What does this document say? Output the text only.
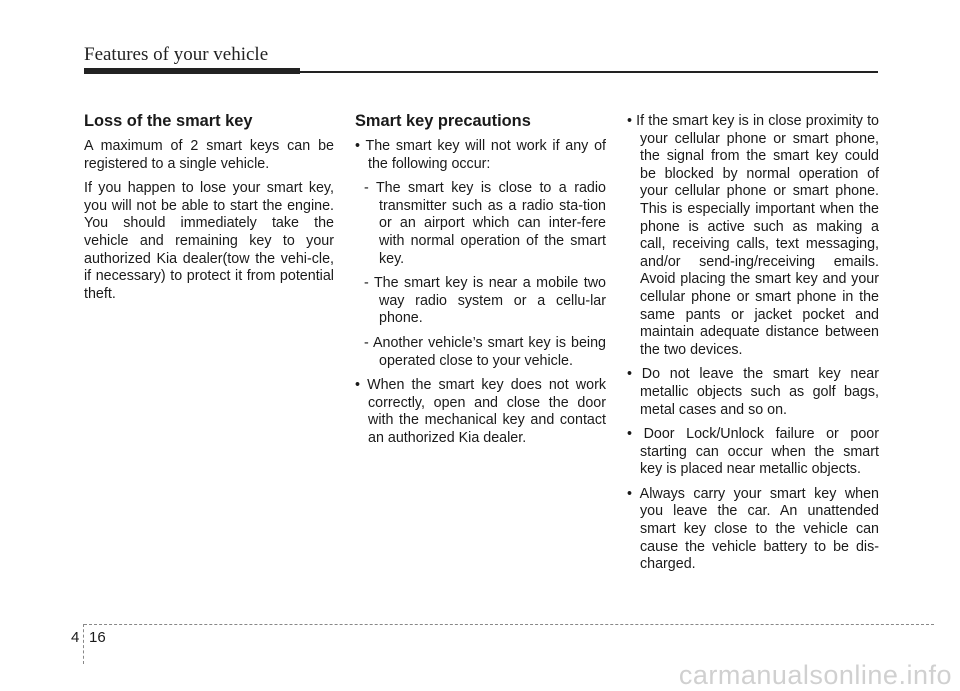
Features of your vehicle
Loss of the smart key

A maximum of 2 smart keys can be registered to a single vehicle.

If you happen to lose your smart key, you will not be able to start the engine. You should immediately take the vehicle and remaining key to your authorized Kia dealer(tow the vehi-cle, if necessary) to protect it from potential theft.

Smart key precautions
• The smart key will not work if any of the following occur:
- The smart key is close to a radio transmitter such as a radio sta-tion or an airport which can inter-fere with normal operation of the smart key.
- The smart key is near a mobile two way radio system or a cellu-lar phone.
- Another vehicle’s smart key is being operated close to your vehicle.
• When the smart key does not work correctly, open and close the door with the mechanical key and contact an authorized Kia dealer.
• If the smart key is in close proximity to your cellular phone or smart phone, the signal from the smart key could be blocked by normal operation of your cellular phone or smart phone. This is especially important when the phone is active such as making a call, receiving calls, text messaging, and/or send-ing/receiving emails. Avoid placing the smart key and your cellular phone or smart phone in the same pants or jacket pocket and maintain adequate distance between the two devices.
• Do not leave the smart key near metallic objects such as golf bags, metal cases and so on.
• Door Lock/Unlock failure or poor starting can occur when the smart key is placed near metallic objects.
• Always carry your smart key when you leave the car. An unattended smart key close to the vehicle can cause the vehicle battery to be dis-charged.
4 16
carmanualsonline.info
